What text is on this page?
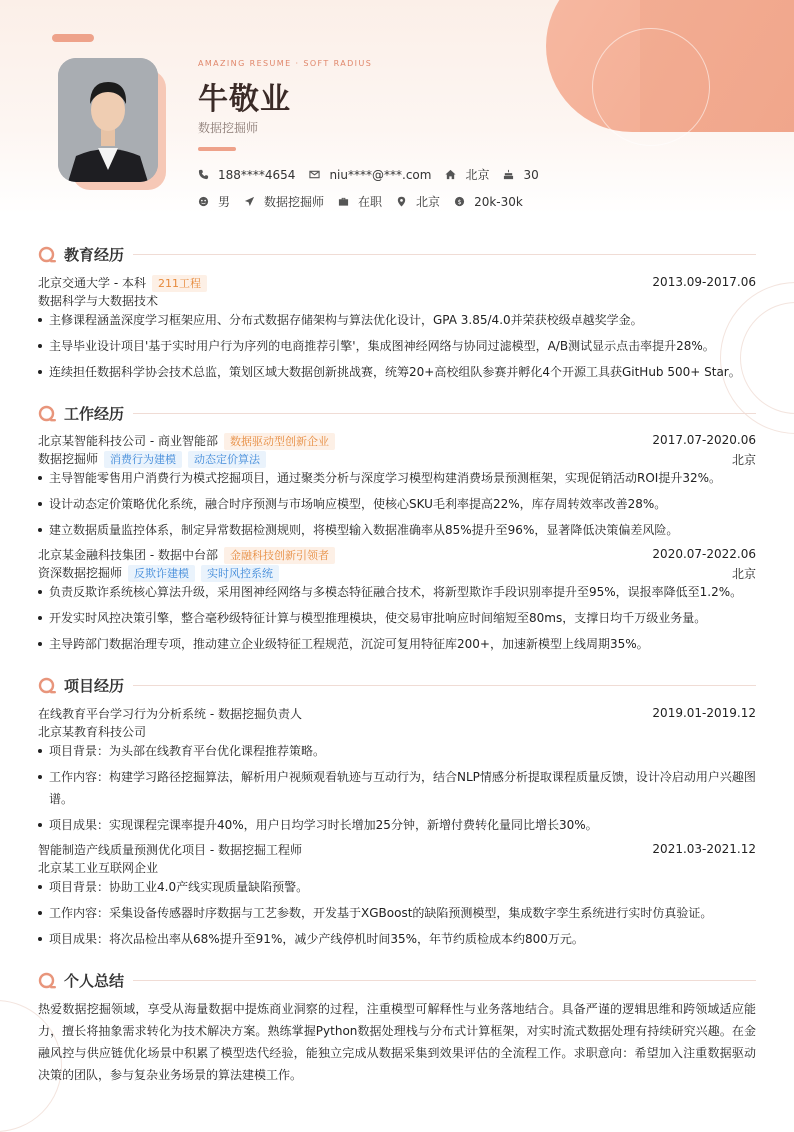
AMAZING RESUME · SOFT RADIUS
牛敬业
数据挖掘师
188****4654	niu****@***.com	北京	30
男	数据挖掘师	在职	北京 $ 20k-30k
教育经历
北京交通大学 - 本科 211工程	2013.09-2017.06
数据科学与大数据技术
主修课程涵盖深度学习框架应用、分布式数据存储架构与算法优化设计，GPA 3.85/4.0并荣获校级卓越奖学金。
主导毕业设计项目'基于实时用户行为序列的电商推荐引擎'，集成图神经网络与协同过滤模型，A/B测试显示点击率提升28%。
连续担任数据科学协会技术总监，策划区域大数据创新挑战赛，统筹20+高校组队参赛并孵化4个开源工具获GitHub 500+ Star。
工作经历
北京某智能科技公司 - 商业智能部 数据驱动型创新企业	2017.07-2020.06
数据挖掘师 消费行为建模 动态定价算法	北京
主导智能零售用户消费行为模式挖掘项目，通过聚类分析与深度学习模型构建消费场景预测框架，实现促销活动ROI提升32%。
设计动态定价策略优化系统，融合时序预测与市场响应模型，使核心SKU毛利率提高22%，库存周转效率改善28%。
建立数据质量监控体系，制定异常数据检测规则，将模型输入数据准确率从85%提升至96%，显著降低决策偏差风险。
北京某金融科技集团 - 数据中台部 金融科技创新引领者	2020.07-2022.06
资深数据挖掘师 反欺诈建模 实时风控系统	北京
负责反欺诈系统核心算法升级，采用图神经网络与多模态特征融合技术，将新型欺诈手段识别率提升至95%，误报率降低至1.2%。
开发实时风控决策引擎，整合毫秒级特征计算与模型推理模块，使交易审批响应时间缩短至80ms，支撑日均千万级业务量。
主导跨部门数据治理专项，推动建立企业级特征工程规范，沉淀可复用特征库200+，加速新模型上线周期35%。
项目经历
在线教育平台学习行为分析系统 - 数据挖掘负责人	2019.01-2019.12
北京某教育科技公司
项目背景：为头部在线教育平台优化课程推荐策略。
工作内容：构建学习路径挖掘算法，解析用户视频观看轨迹与互动行为，结合NLP情感分析提取课程质量反馈，设计冷启动用户兴趣图谱。
项目成果：实现课程完课率提升40%，用户日均学习时长增加25分钟，新增付费转化量同比增长30%。
智能制造产线质量预测优化项目 - 数据挖掘工程师	2021.03-2021.12
北京某工业互联网企业
项目背景：协助工业4.0产线实现质量缺陷预警。
工作内容：采集设备传感器时序数据与工艺参数，开发基于XGBoost的缺陷预测模型，集成数字孪生系统进行实时仿真验证。
项目成果：将次品检出率从68%提升至91%，减少产线停机时间35%，年节约质检成本约800万元。
个人总结
热爱数据挖掘领域，享受从海量数据中提炼商业洞察的过程，注重模型可解释性与业务落地结合。具备严谨的逻辑思维和跨领域适应能力，擅长将抽象需求转化为技术解决方案。熟练掌握Python数据处理栈与分布式计算框架，对实时流式数据处理有持续研究兴趣。在金融风控与供应链优化场景中积累了模型迭代经验，能独立完成从数据采集到效果评估的全流程工作。求职意向：希望加入注重数据驱动决策的团队，参与复杂业务场景的算法建模工作。
